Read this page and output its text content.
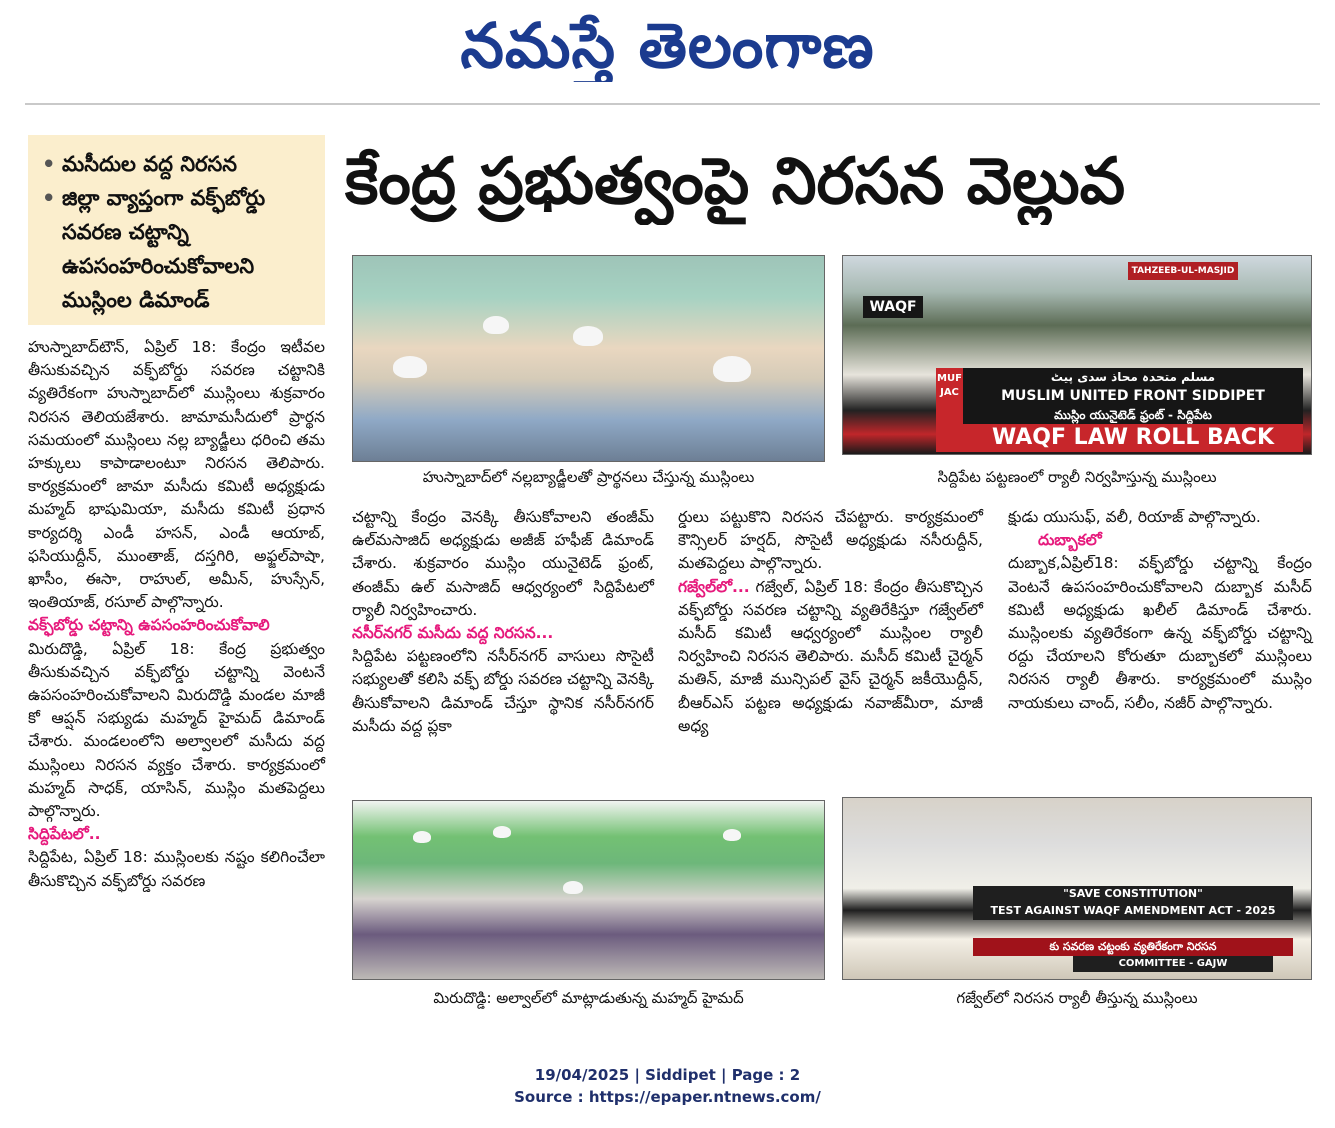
నమస్తే తెలంగాణ
• మసీదుల వద్ద నిరసన
• జిల్లా వ్యాప్తంగా వక్ఫ్‌బోర్డు సవరణ చట్టాన్ని ఉపసంహరించుకోవాలని ముస్లింల డిమాండ్
కేంద్ర ప్రభుత్వంపై నిరసన వెల్లువ

హుస్నాబాద్‌టౌన్, ఏప్రిల్ 18: కేంద్రం ఇటీవల తీసుకువచ్చిన వక్ఫ్‌బోర్డు సవరణ చట్టానికి వ్యతిరేకంగా హుస్నాబాద్‌లో ముస్లింలు శుక్రవారం నిరసన తెలియజేశారు. జామామసీదులో ప్రార్థన సమయంలో ముస్లింలు నల్ల బ్యాడ్జీలు ధరించి తమ హక్కులు కాపాడాలంటూ నిరసన తెలిపారు. కార్యక్రమంలో జామా మసీదు కమిటీ అధ్యక్షుడు మహ్మద్ భాషుమియా, మసీదు కమిటీ ప్రధాన కార్యదర్శి ఎండీ హసన్, ఎండీ ఆయాబ్, ఫసియుద్దీన్, ముంతాజ్, దస్తగిరి, అఫ్జల్‌పాషా, ఖాసీం, ఈసా, రాహుల్, అమీన్, హుస్సేన్, ఇంతియాజ్, రసూల్ పాల్గొన్నారు.

వక్ఫ్‌బోర్డు చట్టాన్ని ఉపసంహరించుకోవాలి

మిరుదొడ్డి, ఏప్రిల్ 18: కేంద్ర ప్రభుత్వం తీసుకువచ్చిన వక్ఫ్‌బోర్డు చట్టాన్ని వెంటనే ఉపసంహరించుకోవాలని మిరుదొడ్డి మండల మాజీ కో ఆప్షన్ సభ్యుడు మహ్మద్ హైమద్ డిమాండ్ చేశారు. మండలంలోని అల్వాలలో మసీదు వద్ద ముస్లింలు నిరసన వ్యక్తం చేశారు. కార్యక్రమంలో మహ్మద్ సాధక్, యాసిన్, ముస్లిం మతపెద్దలు పాల్గొన్నారు.

సిద్దిపేటలో..

సిద్దిపేట, ఏప్రిల్ 18: ముస్లింలకు నష్టం కలిగించేలా తీసుకొచ్చిన వక్ఫ్‌బోర్డు సవరణ

హుస్నాబాద్‌లో నల్లబ్యాడ్జీలతో ప్రార్థనలు చేస్తున్న ముస్లింలు
TAHZEEB-UL-MASJID
WAQF
مسلم متحدہ محاذ سدی پیٹ
MUSLIM UNITED FRONT SIDDIPET
ముస్లిం యునైటెడ్ ఫ్రంట్ - సిద్దిపేట
WAQF LAW ROLL BACK
MUFJAC
సిద్దిపేట పట్టణంలో ర్యాలీ నిర్వహిస్తున్న ముస్లింలు

చట్టాన్ని కేంద్రం వెనక్కి తీసుకోవాలని తంజీమ్ ఉల్‌మసాజిద్ అధ్యక్షుడు అజీజ్ హఫీజ్ డిమాండ్ చేశారు. శుక్రవారం ముస్లిం యునైటెడ్ ఫ్రంట్, తంజీమ్ ఉల్ మసాజిద్ ఆధ్వర్యంలో సిద్దిపేటలో ర్యాలీ నిర్వహించారు.

నసీర్‌నగర్ మసీదు వద్ద నిరసన...

సిద్దిపేట పట్టణంలోని నసీర్‌నగర్ వాసులు సొసైటీ సభ్యులతో కలిసి వక్ఫ్ బోర్డు సవరణ చట్టాన్ని వెనక్కి తీసుకోవాలని డిమాండ్ చేస్తూ స్థానిక నసీర్‌నగర్ మసీదు వద్ద ప్లకా

ర్డులు పట్టుకొని నిరసన చేపట్టారు. కార్యక్రమంలో కౌన్సిలర్ హర్షద్, సొసైటీ అధ్యక్షుడు నసీరుద్దీన్, మతపెద్దలు పాల్గొన్నారు.

గజ్వేల్‌లో... గజ్వేల్, ఏప్రిల్ 18: కేంద్రం తీసుకొచ్చిన వక్ఫ్‌బోర్డు సవరణ చట్టాన్ని వ్యతిరేకిస్తూ గజ్వేల్‌లో మసీద్ కమిటీ ఆధ్వర్యంలో ముస్లింల ర్యాలీ నిర్వహించి నిరసన తెలిపారు. మసీద్ కమిటీ చైర్మన్ మతిన్, మాజీ మున్సిపల్ వైస్ చైర్మన్ జకీయొద్దీన్, బీఆర్ఎస్ పట్టణ అధ్యక్షుడు నవాజ్‌మీరా, మాజీ అధ్య

క్షుడు యుసుఫ్, వలీ, రియాజ్ పాల్గొన్నారు.

దుబ్బాకలో

దుబ్బాక,ఏప్రిల్18: వక్ఫ్‌బోర్డు చట్టాన్ని కేంద్రం వెంటనే ఉపసంహరించుకోవాలని దుబ్బాక మసీద్ కమిటీ అధ్యక్షుడు ఖలీల్ డిమాండ్ చేశారు. ముస్లింలకు వ్యతిరేకంగా ఉన్న వక్ఫ్‌బోర్డు చట్టాన్ని రద్దు చేయాలని కోరుతూ దుబ్బాకలో ముస్లింలు నిరసన ర్యాలీ తీశారు. కార్యక్రమంలో ముస్లిం నాయకులు చాంద్, సలీం, నజీర్ పాల్గొన్నారు.

మిరుదొడ్డి: అల్వాల్‌లో మాట్లాడుతున్న మహ్మద్ హైమద్
"SAVE CONSTITUTION"
TEST AGAINST WAQF AMENDMENT ACT - 2025
కు సవరణ చట్టంకు వ్యతిరేకంగా నిరసన
COMMITTEE - GAJW
గజ్వేల్‌లో నిరసన ర్యాలీ తీస్తున్న ముస్లింలు
19/04/2025 | Siddipet | Page : 2
Source : https://epaper.ntnews.com/
